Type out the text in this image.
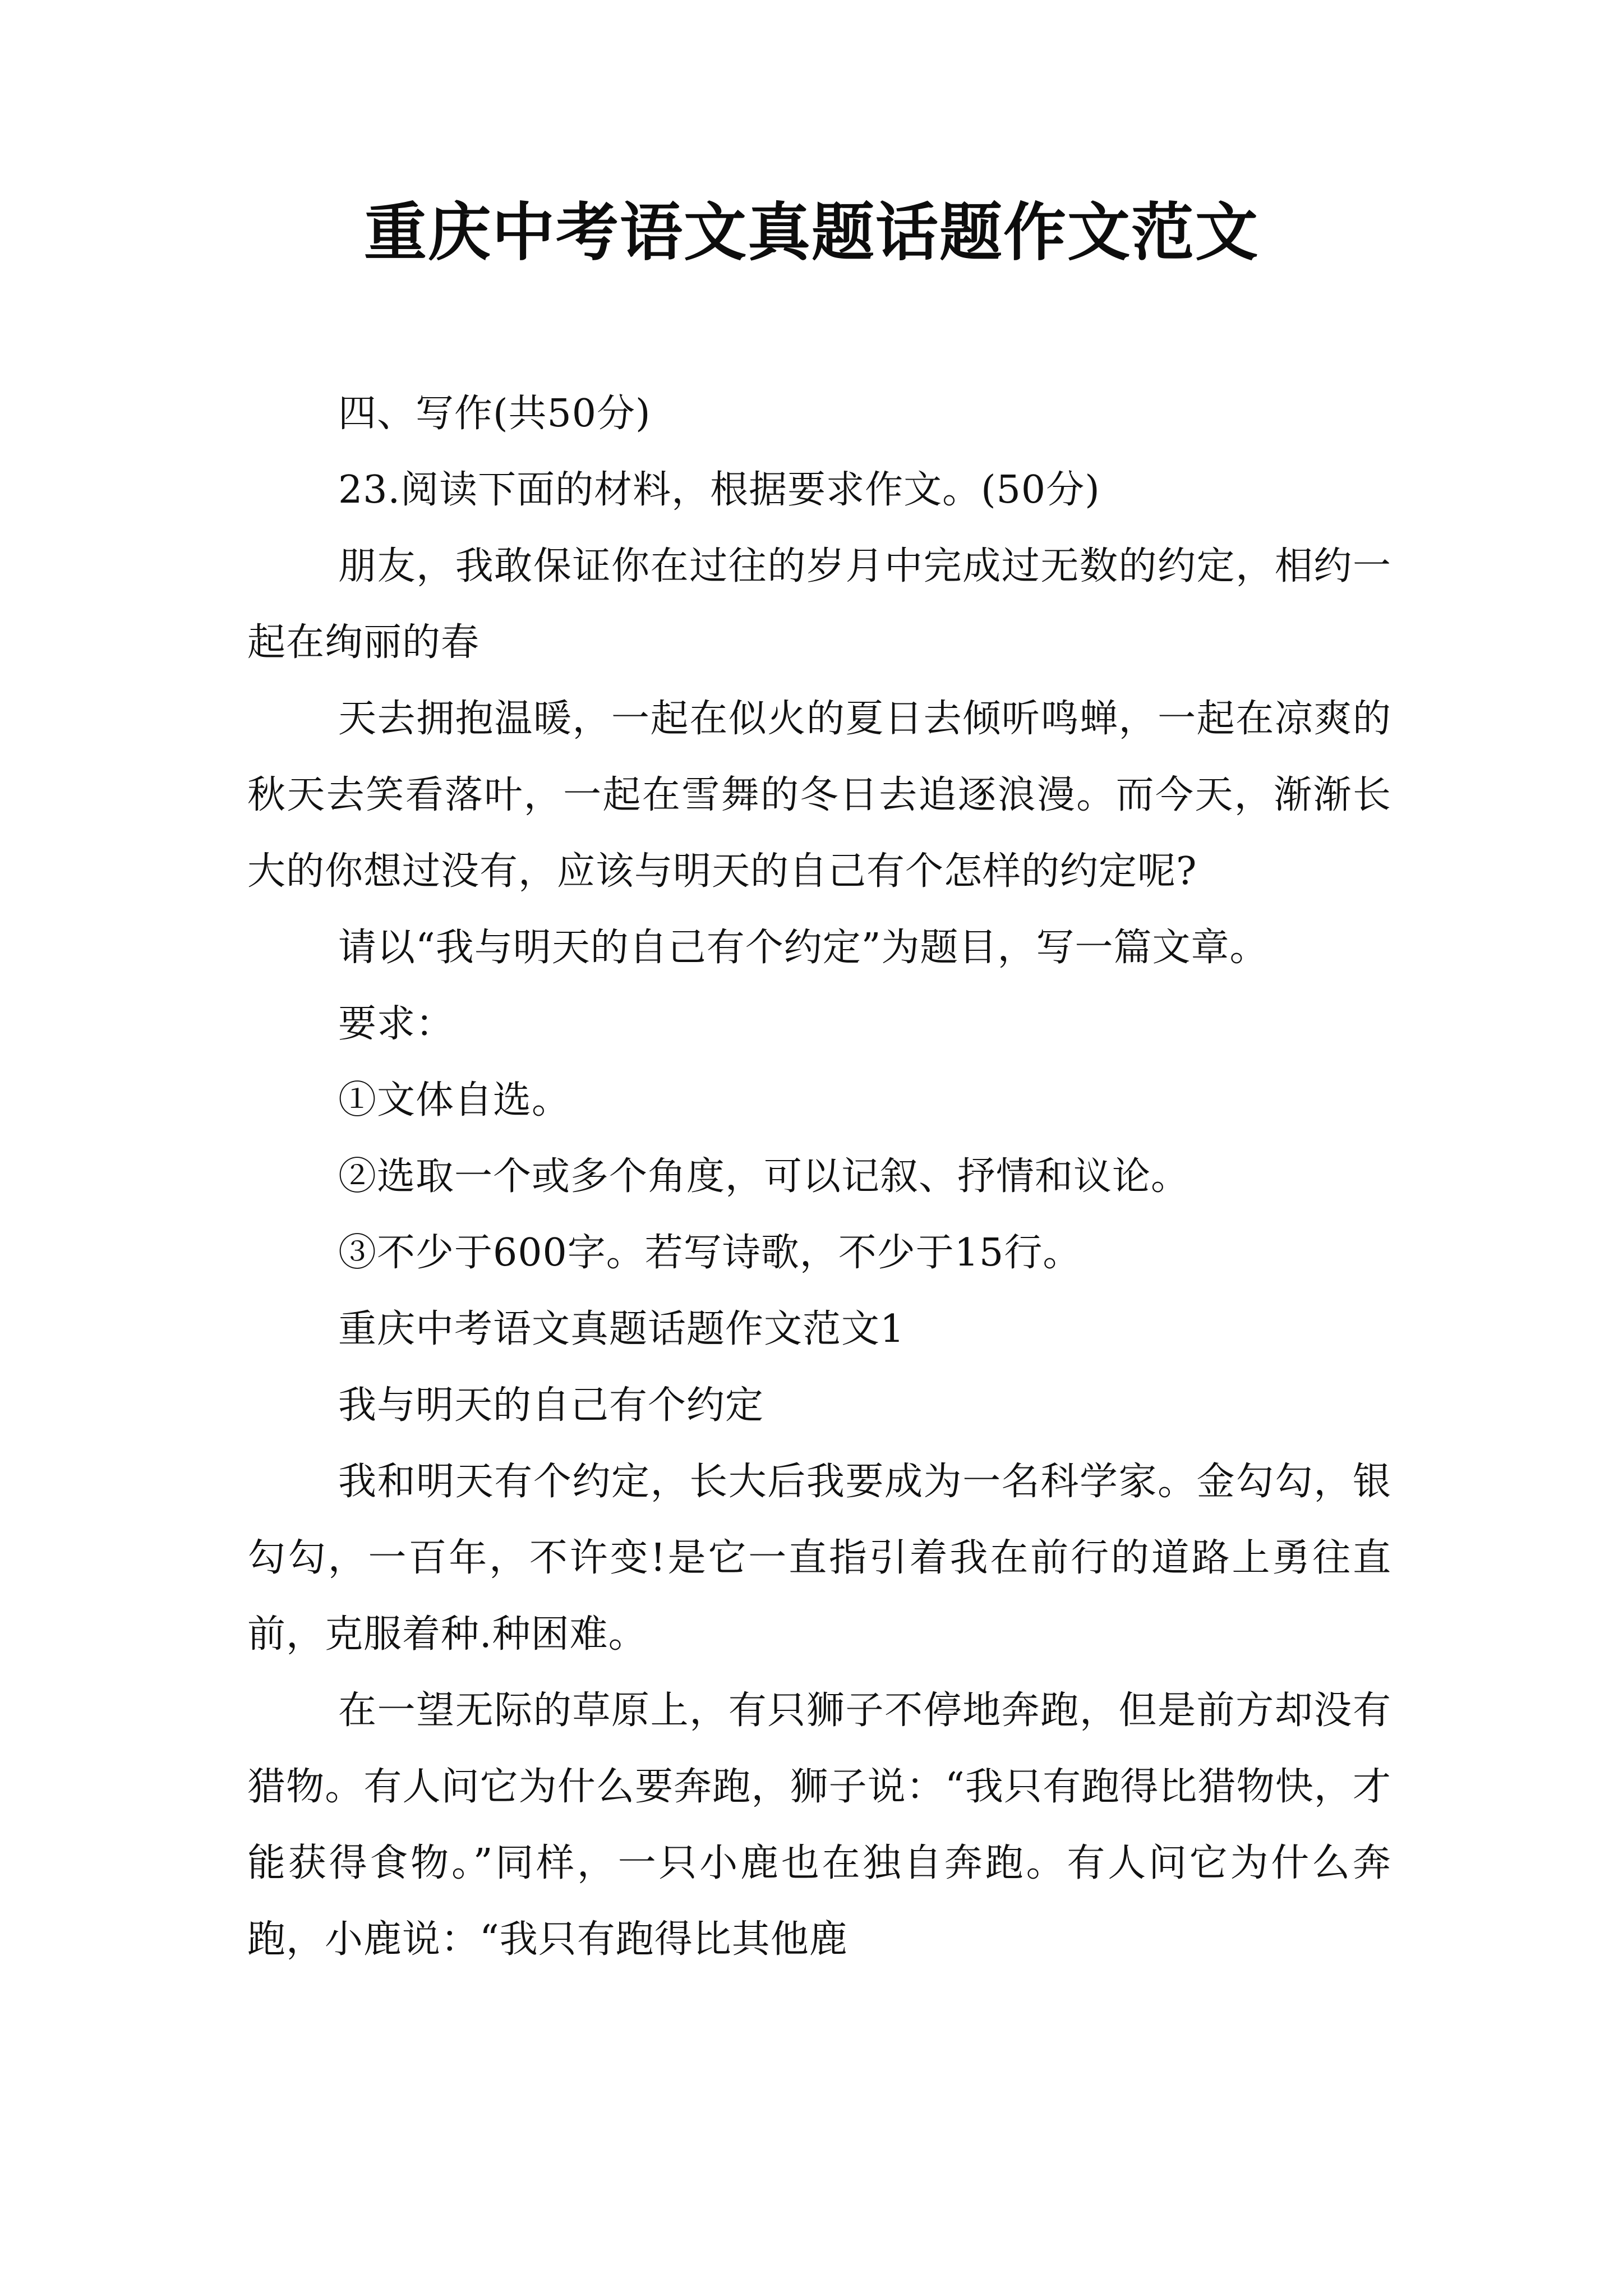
重庆中考语文真题话题作文范文

四、写作(共50分)

23.阅读下面的材料，根据要求作文。(50分)

朋友，我敢保证你在过往的岁月中完成过无数的约定，相约一起在绚丽的春

天去拥抱温暖，一起在似火的夏日去倾听鸣蝉，一起在凉爽的秋天去笑看落叶，一起在雪舞的冬日去追逐浪漫。而今天，渐渐长大的你想过没有，应该与明天的自己有个怎样的约定呢?

请以“我与明天的自己有个约定”为题目，写一篇文章。

要求：

①文体自选。

②选取一个或多个角度，可以记叙、抒情和议论。

③不少于600字。若写诗歌，不少于15行。

重庆中考语文真题话题作文范文1

我与明天的自己有个约定

我和明天有个约定，长大后我要成为一名科学家。金勾勾，银勾勾，一百年，不许变!是它一直指引着我在前行的道路上勇往直前，克服着种.种困难。

在一望无际的草原上，有只狮子不停地奔跑，但是前方却没有猎物。有人问它为什么要奔跑，狮子说：“我只有跑得比猎物快，才能获得食物。”同样，一只小鹿也在独自奔跑。有人问它为什么奔跑，小鹿说：“我只有跑得比其他鹿
